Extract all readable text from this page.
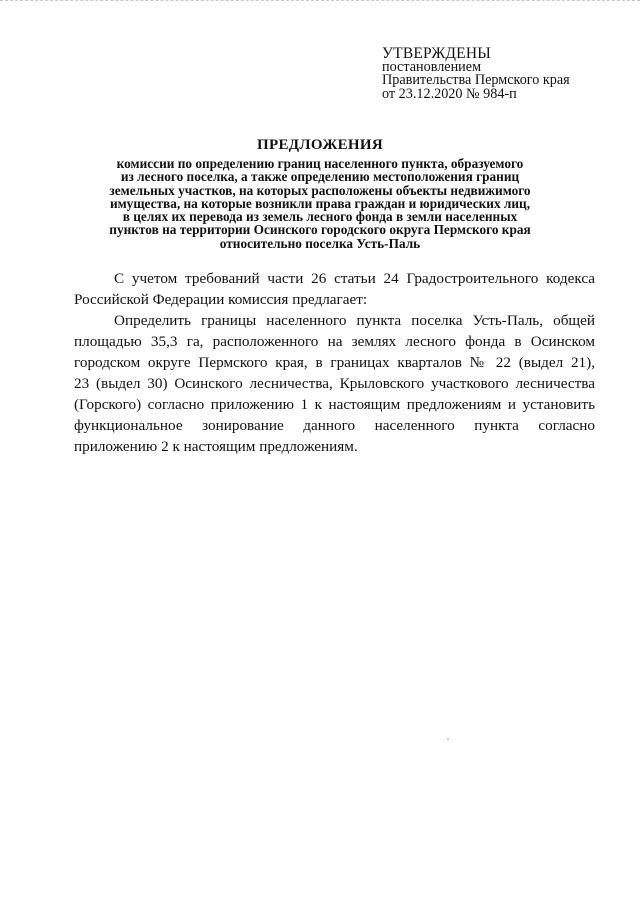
УТВЕРЖДЕНЫ
постановлением
Правительства Пермского края
от 23.12.2020 № 984-п
ПРЕДЛОЖЕНИЯ
комиссии по определению границ населенного пункта, образуемого
из лесного поселка, а также определению местоположения границ
земельных участков, на которых расположены объекты недвижимого
имущества, на которые возникли права граждан и юридических лиц,
в целях их перевода из земель лесного фонда в земли населенных
пунктов на территории Осинского городского округа Пермского края
относительно поселка Усть-Паль
С учетом требований части 26 статьи 24 Градостроительного кодекса
Российской Федерации комиссия предлагает:
Определить границы населенного пункта поселка Усть-Паль, общей
площадью 35,3 га, расположенного на землях лесного фонда в Осинском
городском округе Пермского края, в границах кварталов № 22 (выдел 21),
23 (выдел 30) Осинского лесничества, Крыловского участкового лесничества
(Горского) согласно приложению 1 к настоящим предложениям и установить
функциональное зонирование данного населенного пункта согласно
приложению 2 к настоящим предложениям.
